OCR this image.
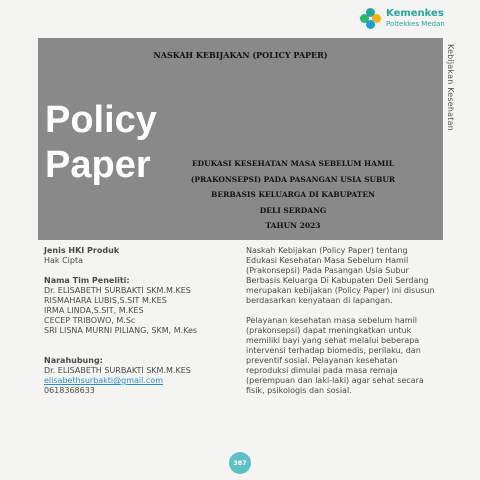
Kemenkes
Poltekkes Medan
NASKAH KEBIJAKAN (POLICY PAPER)
Policy
Paper	EDUKASI KESEHATAN MASA SEBELUM HAMIL
(PRAKONSEPSI) PADA PASANGAN USIA SUBUR
BERBASIS KELUARGA DI KABUPATEN
DELI SERDANG
TAHUN 2023
Kebijakan Kesehatan
Jenis HKI Produk
Hak Cipta
Nama Tim Peneliti:
Dr. ELISABETH SURBAKTI SKM.M.KES
RISMAHARA LUBIS,S.SIT M.KES
IRMA LINDA,S.SIT, M.KES
CECEP TRIBOWO, M.Sc
SRI LISNA MURNI PILIANG, SKM, M.Kes
Narahubung:
Dr. ELISABETH SURBAKTI SKM.M.KES
elisabethsurbakti@gmail.com
0618368633

Naskah Kebijakan (Policy Paper) tentang Edukasi Kesehatan Masa Sebelum Hamil (Prakonsepsi) Pada Pasangan Usia Subur Berbasis Keluarga Di Kabupaten Deli Serdang merupakan kebijakan (Policy Paper) ini disusun berdasarkan kenyataan di lapangan.

Pelayanan kesehatan masa sebelum hamil (prakonsepsi) dapat meningkatkan untuk memiliki bayi yang sehat melalui beberapa intervensi terhadap biomedis, perilaku, dan preventif sosial. Pelayanan kesehatan reproduksi dimulai pada masa remaja (perempuan dan laki-laki) agar sehat secara fisik, psikologis dan sosial.

387
